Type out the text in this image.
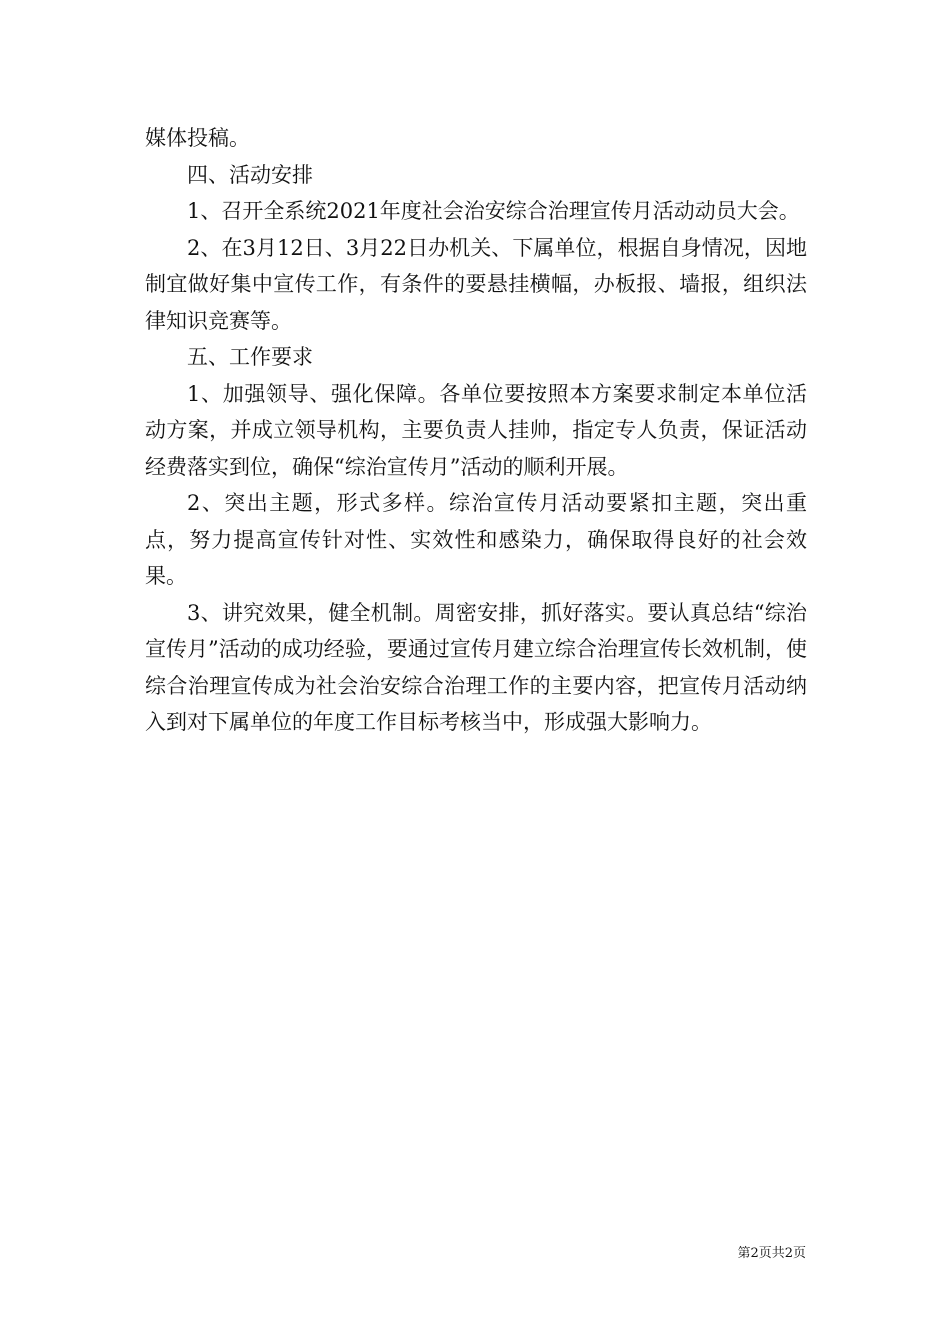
媒体投稿。

四、活动安排

1、召开全系统2021年度社会治安综合治理宣传月活动动员大会。

2、在3月12日、3月22日办机关、下属单位，根据自身情况，因地制宜做好集中宣传工作，有条件的要悬挂横幅，办板报、墙报，组织法律知识竞赛等。

五、工作要求

1、加强领导、强化保障。各单位要按照本方案要求制定本单位活动方案，并成立领导机构，主要负责人挂帅，指定专人负责，保证活动经费落实到位，确保“综治宣传月”活动的顺利开展。

2、突出主题，形式多样。综治宣传月活动要紧扣主题，突出重点，努力提高宣传针对性、实效性和感染力，确保取得良好的社会效果。

3、讲究效果，健全机制。周密安排，抓好落实。要认真总结“综治宣传月”活动的成功经验，要通过宣传月建立综合治理宣传长效机制，使综合治理宣传成为社会治安综合治理工作的主要内容，把宣传月活动纳入到对下属单位的年度工作目标考核当中，形成强大影响力。

第2页共2页
